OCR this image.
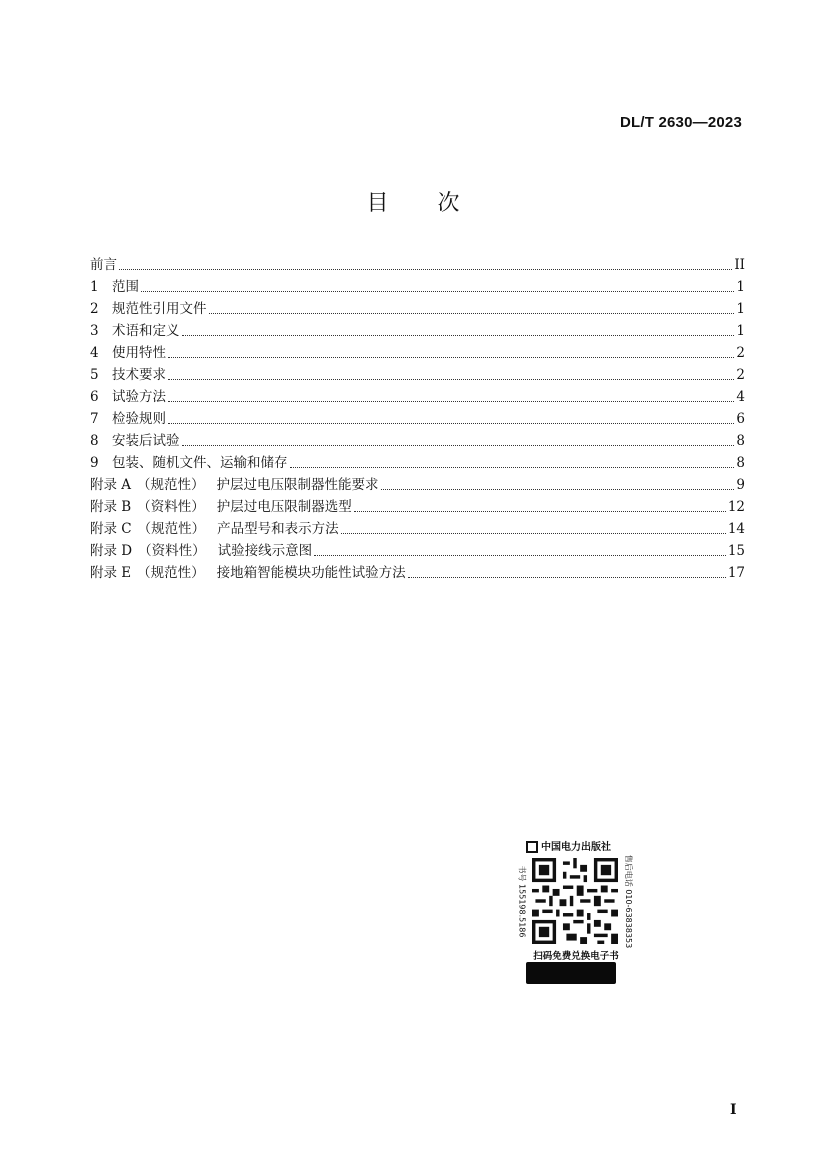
DL/T 2630—2023
目 次
前言	II
1 范围	1
2 规范性引用文件	1
3 术语和定义	1
4 使用特性	2
5 技术要求	2
6 试验方法	4
7 检验规则	6
8 安装后试验	8
9 包装、随机文件、运输和储存	8
附录 A （规范性） 护层过电压限制器性能要求	9
附录 B （资料性） 护层过电压限制器选型	12
附录 C （规范性） 产品型号和表示方法	14
附录 D （资料性） 试验接线示意图	15
附录 E （规范性） 接地箱智能模块功能性试验方法	17
中国电力出版社
书号 155198.5186	售后电话 010-63838353
扫码免费兑换电子书
I
